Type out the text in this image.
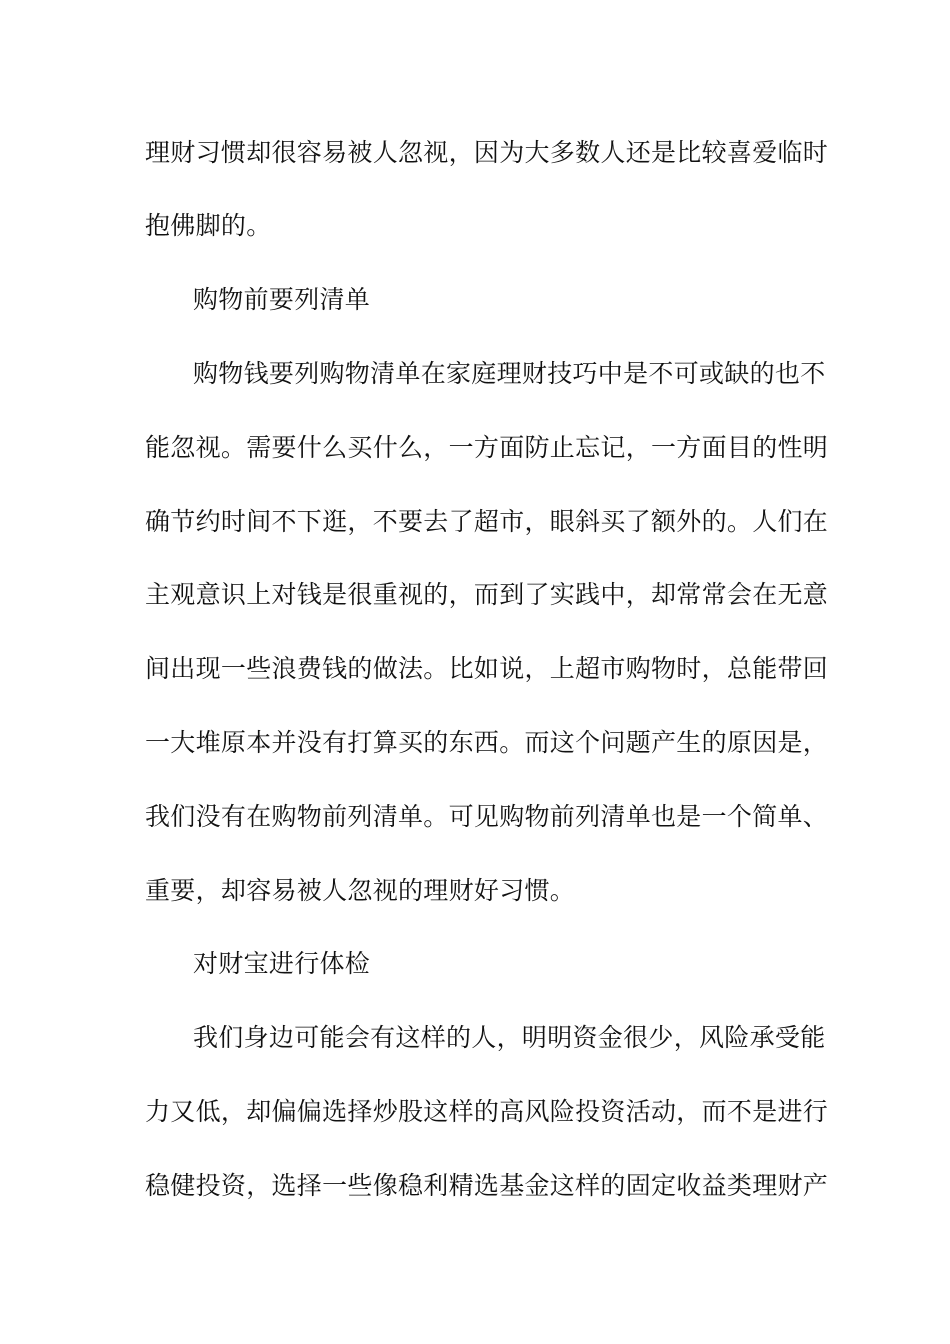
理财习惯却很容易被人忽视，因为大多数人还是比较喜爱临时
抱佛脚的。
购物前要列清单
购物钱要列购物清单在家庭理财技巧中是不可或缺的也不
能忽视。需要什么买什么，一方面防止忘记，一方面目的性明
确节约时间不下逛，不要去了超市，眼斜买了额外的。人们在
主观意识上对钱是很重视的，而到了实践中，却常常会在无意
间出现一些浪费钱的做法。比如说，上超市购物时，总能带回
一大堆原本并没有打算买的东西。而这个问题产生的原因是，
我们没有在购物前列清单。可见购物前列清单也是一个简单、
重要，却容易被人忽视的理财好习惯。
对财宝进行体检
我们身边可能会有这样的人，明明资金很少，风险承受能
力又低，却偏偏选择炒股这样的高风险投资活动，而不是进行
稳健投资，选择一些像稳利精选基金这样的固定收益类理财产
